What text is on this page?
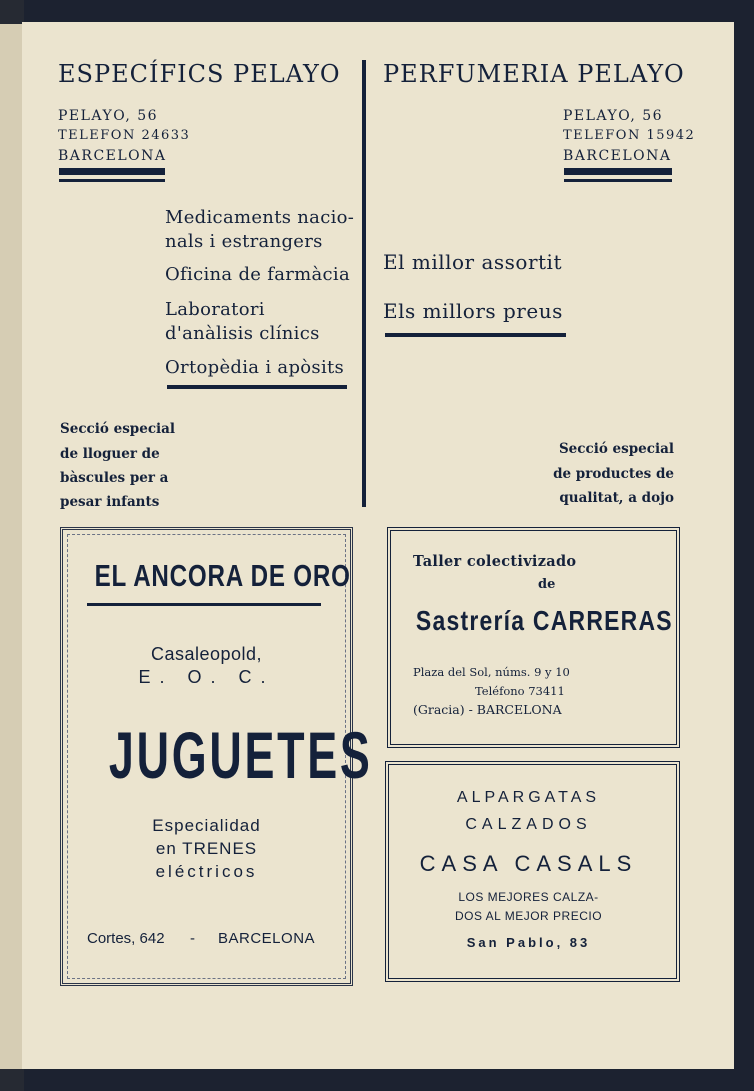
ESPECÍFICS PELAYO
PELAYO, 56
TELEFON 24633
BARCELONA
Medicaments nacio-
nals i estrangers
Oficina de farmàcia
Laboratori
d'anàlisis clínics
Ortopèdia i apòsits
Secció especial
de lloguer de
bàscules per a
pesar infants
PERFUMERIA PELAYO
PELAYO, 56
TELEFON 15942
BARCELONA
El millor assortit
Els millors preus
Secció especial
de productes de
qualitat, a dojo
EL ANCORA DE ORO
Casaleopold,
E. O. C.
JUGUETES
Especialidad
en TRENES
eléctricos
Cortes, 642 - BARCELONA
Taller colectivizado
de
Sastrería CARRERAS
Plaza del Sol, núms. 9 y 10
Teléfono 73411
(Gracia) - BARCELONA
ALPARGATAS
CALZADOS
CASA CASALS
LOS MEJORES CALZA-
DOS AL MEJOR PRECIO
San Pablo, 83
